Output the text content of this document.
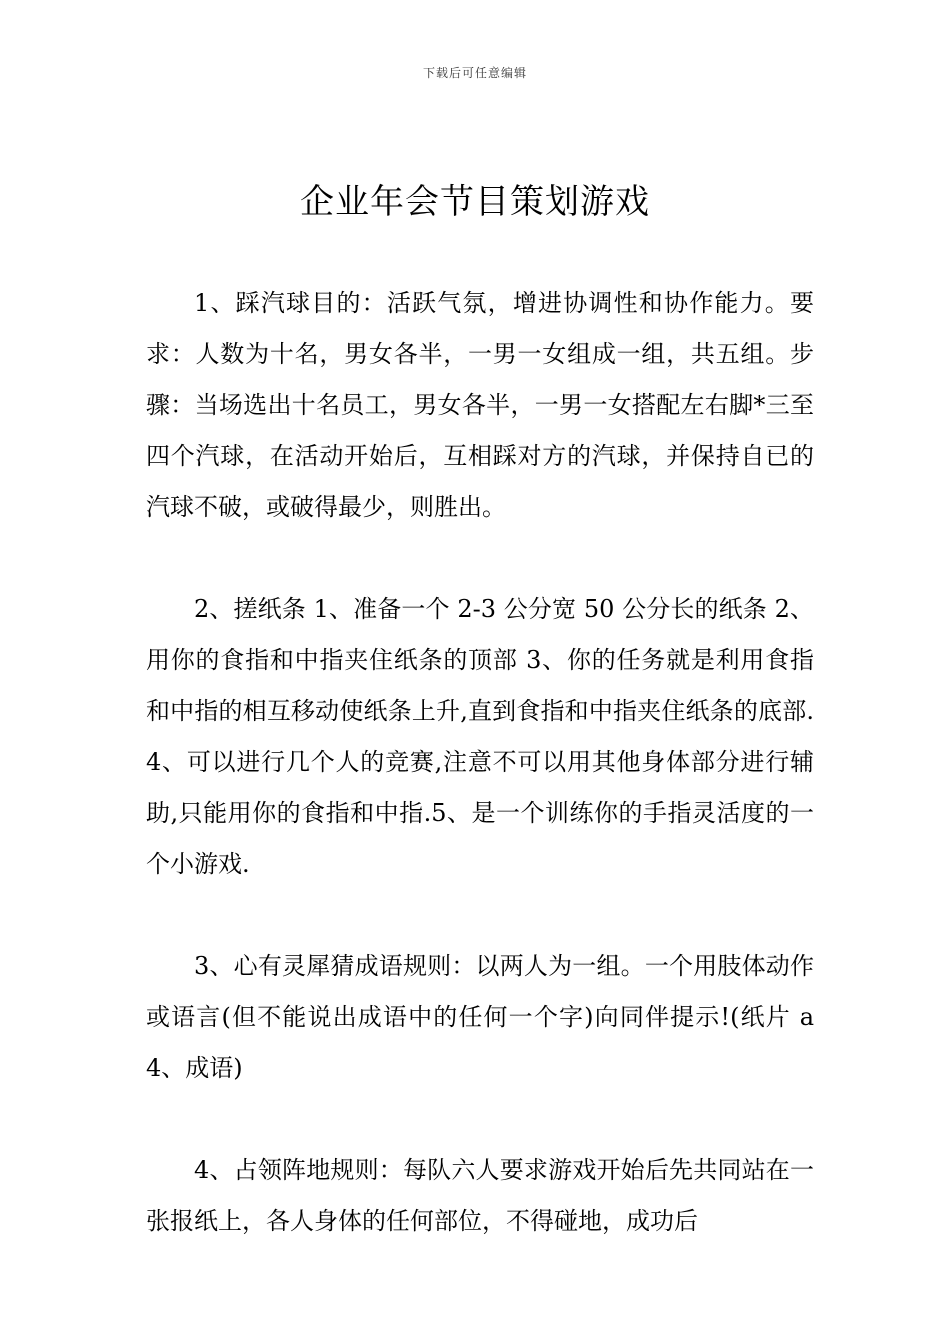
下载后可任意编辑
企业年会节目策划游戏

1、踩汽球目的：活跃气氛，增进协调性和协作能力。要求：人数为十名，男女各半，一男一女组成一组，共五组。步骤：当场选出十名员工，男女各半，一男一女搭配左右脚*三至四个汽球，在活动开始后，互相踩对方的汽球，并保持自已的汽球不破，或破得最少，则胜出。

2、搓纸条 1、准备一个 2-3 公分宽 50 公分长的纸条 2、用你的食指和中指夹住纸条的顶部 3、你的任务就是利用食指和中指的相互移动使纸条上升,直到食指和中指夹住纸条的底部.4、可以进行几个人的竞赛,注意不可以用其他身体部分进行辅助,只能用你的食指和中指.5、是一个训练你的手指灵活度的一个小游戏.

3、心有灵犀猜成语规则：以两人为一组。一个用肢体动作或语言(但不能说出成语中的任何一个字)向同伴提示!(纸片 a4、成语)

4、占领阵地规则：每队六人要求游戏开始后先共同站在一张报纸上，各人身体的任何部位，不得碰地，成功后
